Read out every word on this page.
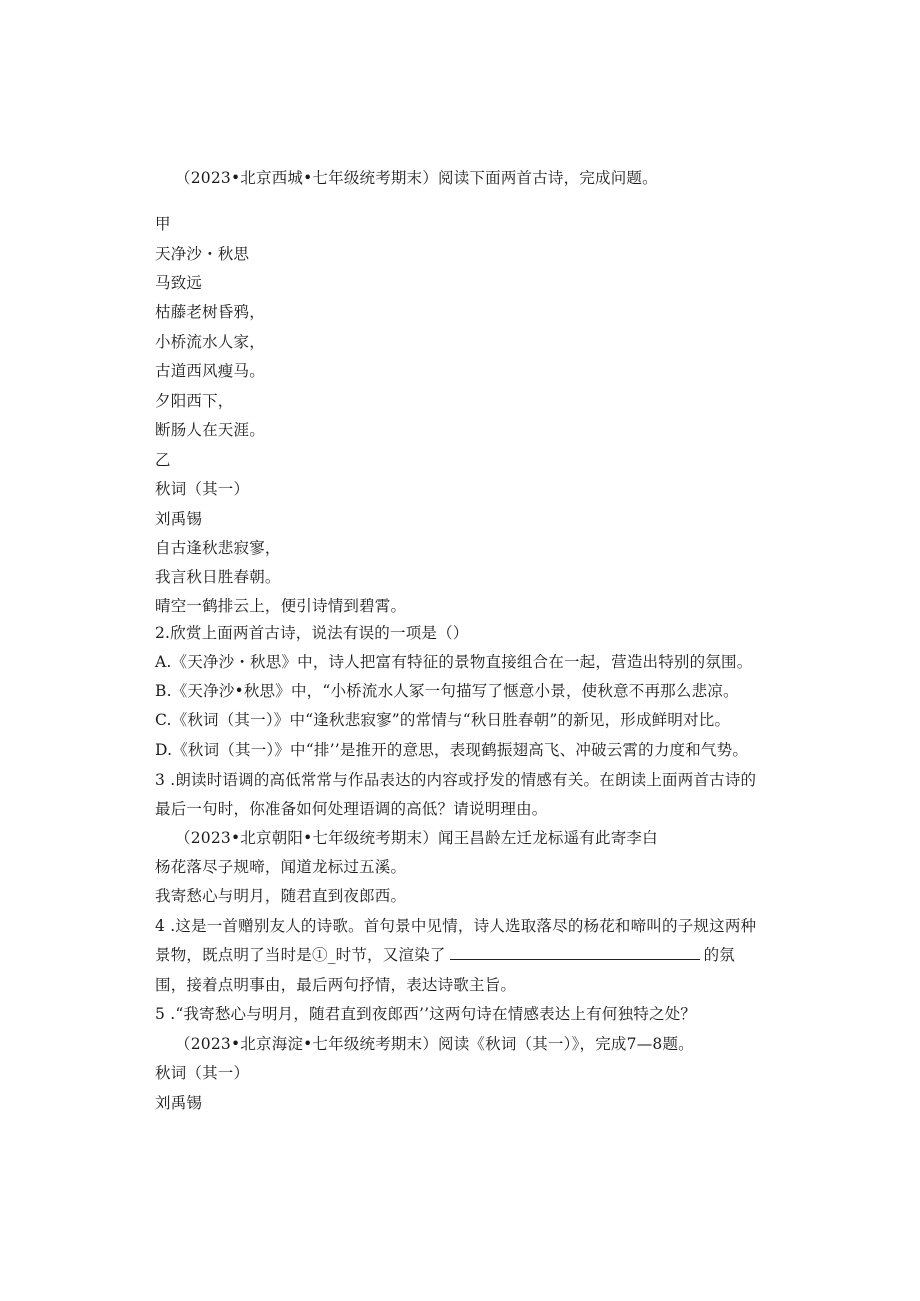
（2023•北京西城•七年级统考期末）阅读下面两首古诗，完成问题。
甲
天净沙・秋思
马致远
枯藤老树昏鸦，
小桥流水人家，
古道西风瘦马。
夕阳西下，
断肠人在天涯。
乙
秋词（其一）
刘禹锡
自古逢秋悲寂寥，
我言秋日胜春朝。
晴空一鹤排云上，便引诗情到碧霄。
2.欣赏上面两首古诗，说法有误的一项是（）
A.《天净沙・秋思》中，诗人把富有特征的景物直接组合在一起，营造出特别的氛围。
B.《天净沙•秋思》中，“小桥流水人冢一句描写了惬意小景，使秋意不再那么悲凉。
C.《秋词（其一）》中“逢秋悲寂寥”的常情与“秋日胜春朝”的新见，形成鲜明对比。
D.《秋词（其一）》中“排’’是推开的意思，表现鹤振翅高飞、冲破云霄的力度和气势。
3 .朗读时语调的高低常常与作品表达的内容或抒发的情感有关。在朗读上面两首古诗的
最后一句时，你准备如何处理语调的高低？请说明理由。
（2023•北京朝阳•七年级统考期末）闻王昌龄左迁龙标遥有此寄李白
杨花落尽子规啼，闻道龙标过五溪。
我寄愁心与明月，随君直到夜郎西。
4 .这是一首赠别友人的诗歌。首句景中见情，诗人选取落尽的杨花和啼叫的子规这两种
景物，既点明了当时是①_时节，又渲染了	的氛
围，接着点明事由，最后两句抒情，表达诗歌主旨。
5 .“我寄愁心与明月，随君直到夜郎西’’这两句诗在情感表达上有何独特之处？
（2023•北京海淀•七年级统考期末）阅读《秋词（其一）》，完成7—8题。
秋词（其一）
刘禹锡
